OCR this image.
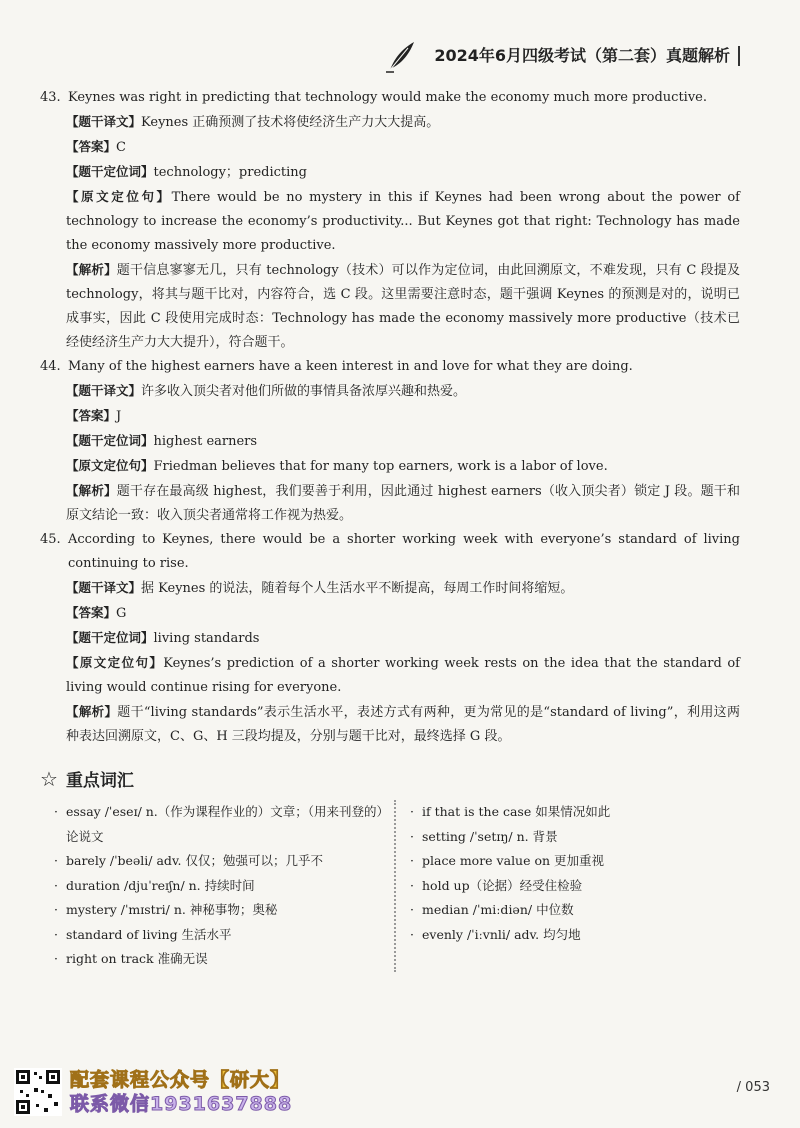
2024年6月四级考试（第二套）真题解析
43. Keynes was right in predicting that technology would make the economy much more productive.
【题干译文】Keynes 正确预测了技术将使经济生产力大大提高。
【答案】C
【题干定位词】technology；predicting
【原文定位句】There would be no mystery in this if Keynes had been wrong about the power of technology to increase the economy’s productivity... But Keynes got that right: Technology has made the economy massively more productive.
【解析】题干信息寥寥无几，只有 technology（技术）可以作为定位词，由此回溯原文，不难发现，只有 C 段提及 technology，将其与题干比对，内容符合，选 C 段。这里需要注意时态，题干强调 Keynes 的预测是对的，说明已成事实，因此 C 段使用完成时态：Technology has made the economy massively more productive（技术已经使经济生产力大大提升），符合题干。
44. Many of the highest earners have a keen interest in and love for what they are doing.
【题干译文】许多收入顶尖者对他们所做的事情具备浓厚兴趣和热爱。
【答案】J
【题干定位词】highest earners
【原文定位句】Friedman believes that for many top earners, work is a labor of love.
【解析】题干存在最高级 highest，我们要善于利用，因此通过 highest earners（收入顶尖者）锁定 J 段。题干和原文结论一致：收入顶尖者通常将工作视为热爱。
45. According to Keynes, there would be a shorter working week with everyone’s standard of living continuing to rise.
【题干译文】据 Keynes 的说法，随着每个人生活水平不断提高，每周工作时间将缩短。
【答案】G
【题干定位词】living standards
【原文定位句】Keynes’s prediction of a shorter working week rests on the idea that the standard of living would continue rising for everyone.
【解析】题干“living standards”表示生活水平，表述方式有两种，更为常见的是“standard of living”，利用这两种表达回溯原文，C、G、H 三段均提及，分别与题干比对，最终选择 G 段。
☆ 重点词汇
· essay /ˈeseɪ/ n.（作为课程作业的）文章；（用来刊登的）论说文
· barely /ˈbeəli/ adv. 仅仅；勉强可以；几乎不
· duration /djuˈreɪʃn/ n. 持续时间
· mystery /ˈmɪstri/ n. 神秘事物；奥秘
· standard of living 生活水平
· right on track 准确无误
· if that is the case 如果情况如此
· setting /ˈsetɪŋ/ n. 背景
· place more value on 更加重视
· hold up（论据）经受住检验
· median /ˈmiːdiən/ 中位数
· evenly /ˈiːvnli/ adv. 均匀地
配套课程公众号【研大】
联系微信1931637888
/ 053
